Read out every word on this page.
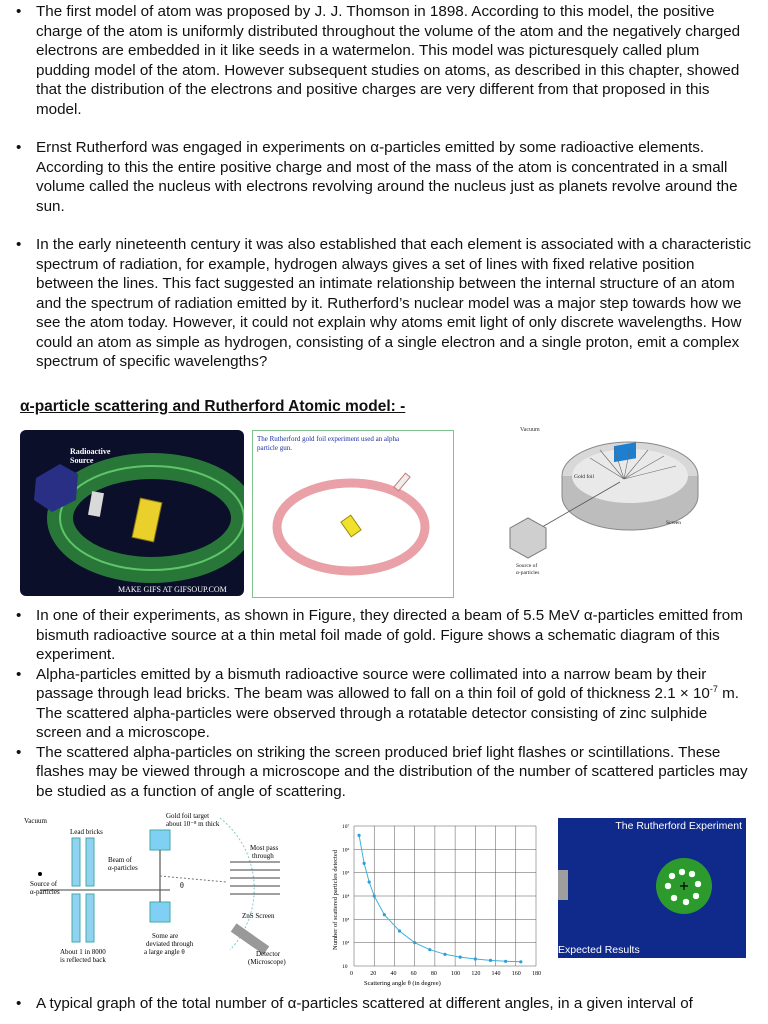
• The first model of atom was proposed by J. J. Thomson in 1898. According to this model, the positive charge of the atom is uniformly distributed throughout the volume of the atom and the negatively charged electrons are embedded in it like seeds in a watermelon. This model was picturesquely called plum pudding model of the atom. However subsequent studies on atoms, as described in this chapter, showed that the distribution of the electrons and positive charges are very different from that proposed in this model.
• Ernst Rutherford was engaged in experiments on α-particles emitted by some radioactive elements. According to this the entire positive charge and most of the mass of the atom is concentrated in a small volume called the nucleus with electrons revolving around the nucleus just as planets revolve around the sun.
• In the early nineteenth century it was also established that each element is associated with a characteristic spectrum of radiation, for example, hydrogen always gives a set of lines with fixed relative position between the lines. This fact suggested an intimate relationship between the internal structure of an atom and the spectrum of radiation emitted by it. Rutherford’s nuclear model was a major step towards how we see the atom today. However, it could not explain why atoms emit light of only discrete wavelengths. How could an atom as simple as hydrogen, consisting of a single electron and a single proton, emit a complex spectrum of specific wavelengths?
α-particle scattering and Rutherford Atomic model: -
Radioactive
Source
MAKE GIFS AT GIFSOUP.COM
The Rutherford gold foil experiment used an alpha
particle gun.
Vacuum
Gold foil
Screen
Source of
α-particles
• In one of their experiments, as shown in Figure, they directed a beam of 5.5 MeV α-particles emitted from bismuth radioactive source at a thin metal foil made of gold. Figure shows a schematic diagram of this experiment.
• Alpha-particles emitted by a bismuth radioactive source were collimated into a narrow beam by their passage through lead bricks. The beam was allowed to fall on a thin foil of gold of thickness $2.1 \times 10^{-7}$ m. The scattered alpha-particles were observed through a rotatable detector consisting of zinc sulphide screen and a microscope.
• The scattered alpha-particles on striking the screen produced brief light flashes or scintillations. These flashes may be viewed through a microscope and the distribution of the number of scattered particles may be studied as a function of angle of scattering.
Vacuum
Lead bricks
Gold foil target
about 10⁻⁸ m thick
Beam of
α-particles
Source of
α-particles
Most pass
through
θ
ZnS Screen
Some are
deviated through
a large angle θ
About 1 in 8000
is reflected back
Detector
(Microscope)
0	20 40 60 80 100 120 140 160 180
10
10²
10³
10⁴
10⁵
10⁶
10⁷
Scattering angle θ (in degree)
Number of scattered particles detected
The Rutherford Experiment
Expected Results
• A typical graph of the total number of α-particles scattered at different angles, in a given interval of
